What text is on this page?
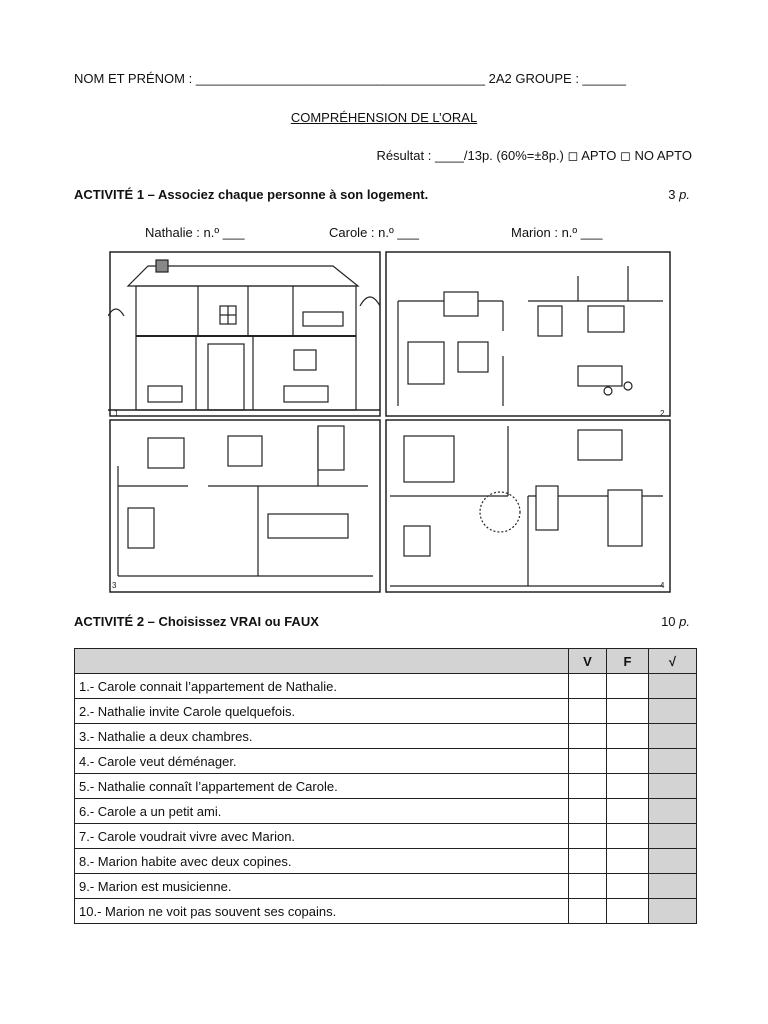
NOM ET PRÉNOM : ________________________________________ 2A2 GROUPE : ______
COMPRÉHENSION DE L’ORAL
Résultat : ____/13p. (60%=±8p.) ◻ APTO ◻ NO APTO
ACTIVITÉ 1 – Associez chaque personne à son logement.	3 p.
Nathalie : n.º ___	Carole : n.º ___	Marion : n.º ___
1	2
3	4
ACTIVITÉ 2 – Choisissez VRAI ou FAUX	10 p.
	V	F	√
1.- Carole connait l’appartement de Nathalie.			
2.- Nathalie invite Carole quelquefois.			
3.- Nathalie a deux chambres.			
4.- Carole veut déménager.			
5.- Nathalie connaît l’appartement de Carole.			
6.- Carole a un petit ami.			
7.- Carole voudrait vivre avec Marion.			
8.- Marion habite avec deux copines.			
9.- Marion est musicienne.			
10.- Marion ne voit pas souvent ses copains.			
